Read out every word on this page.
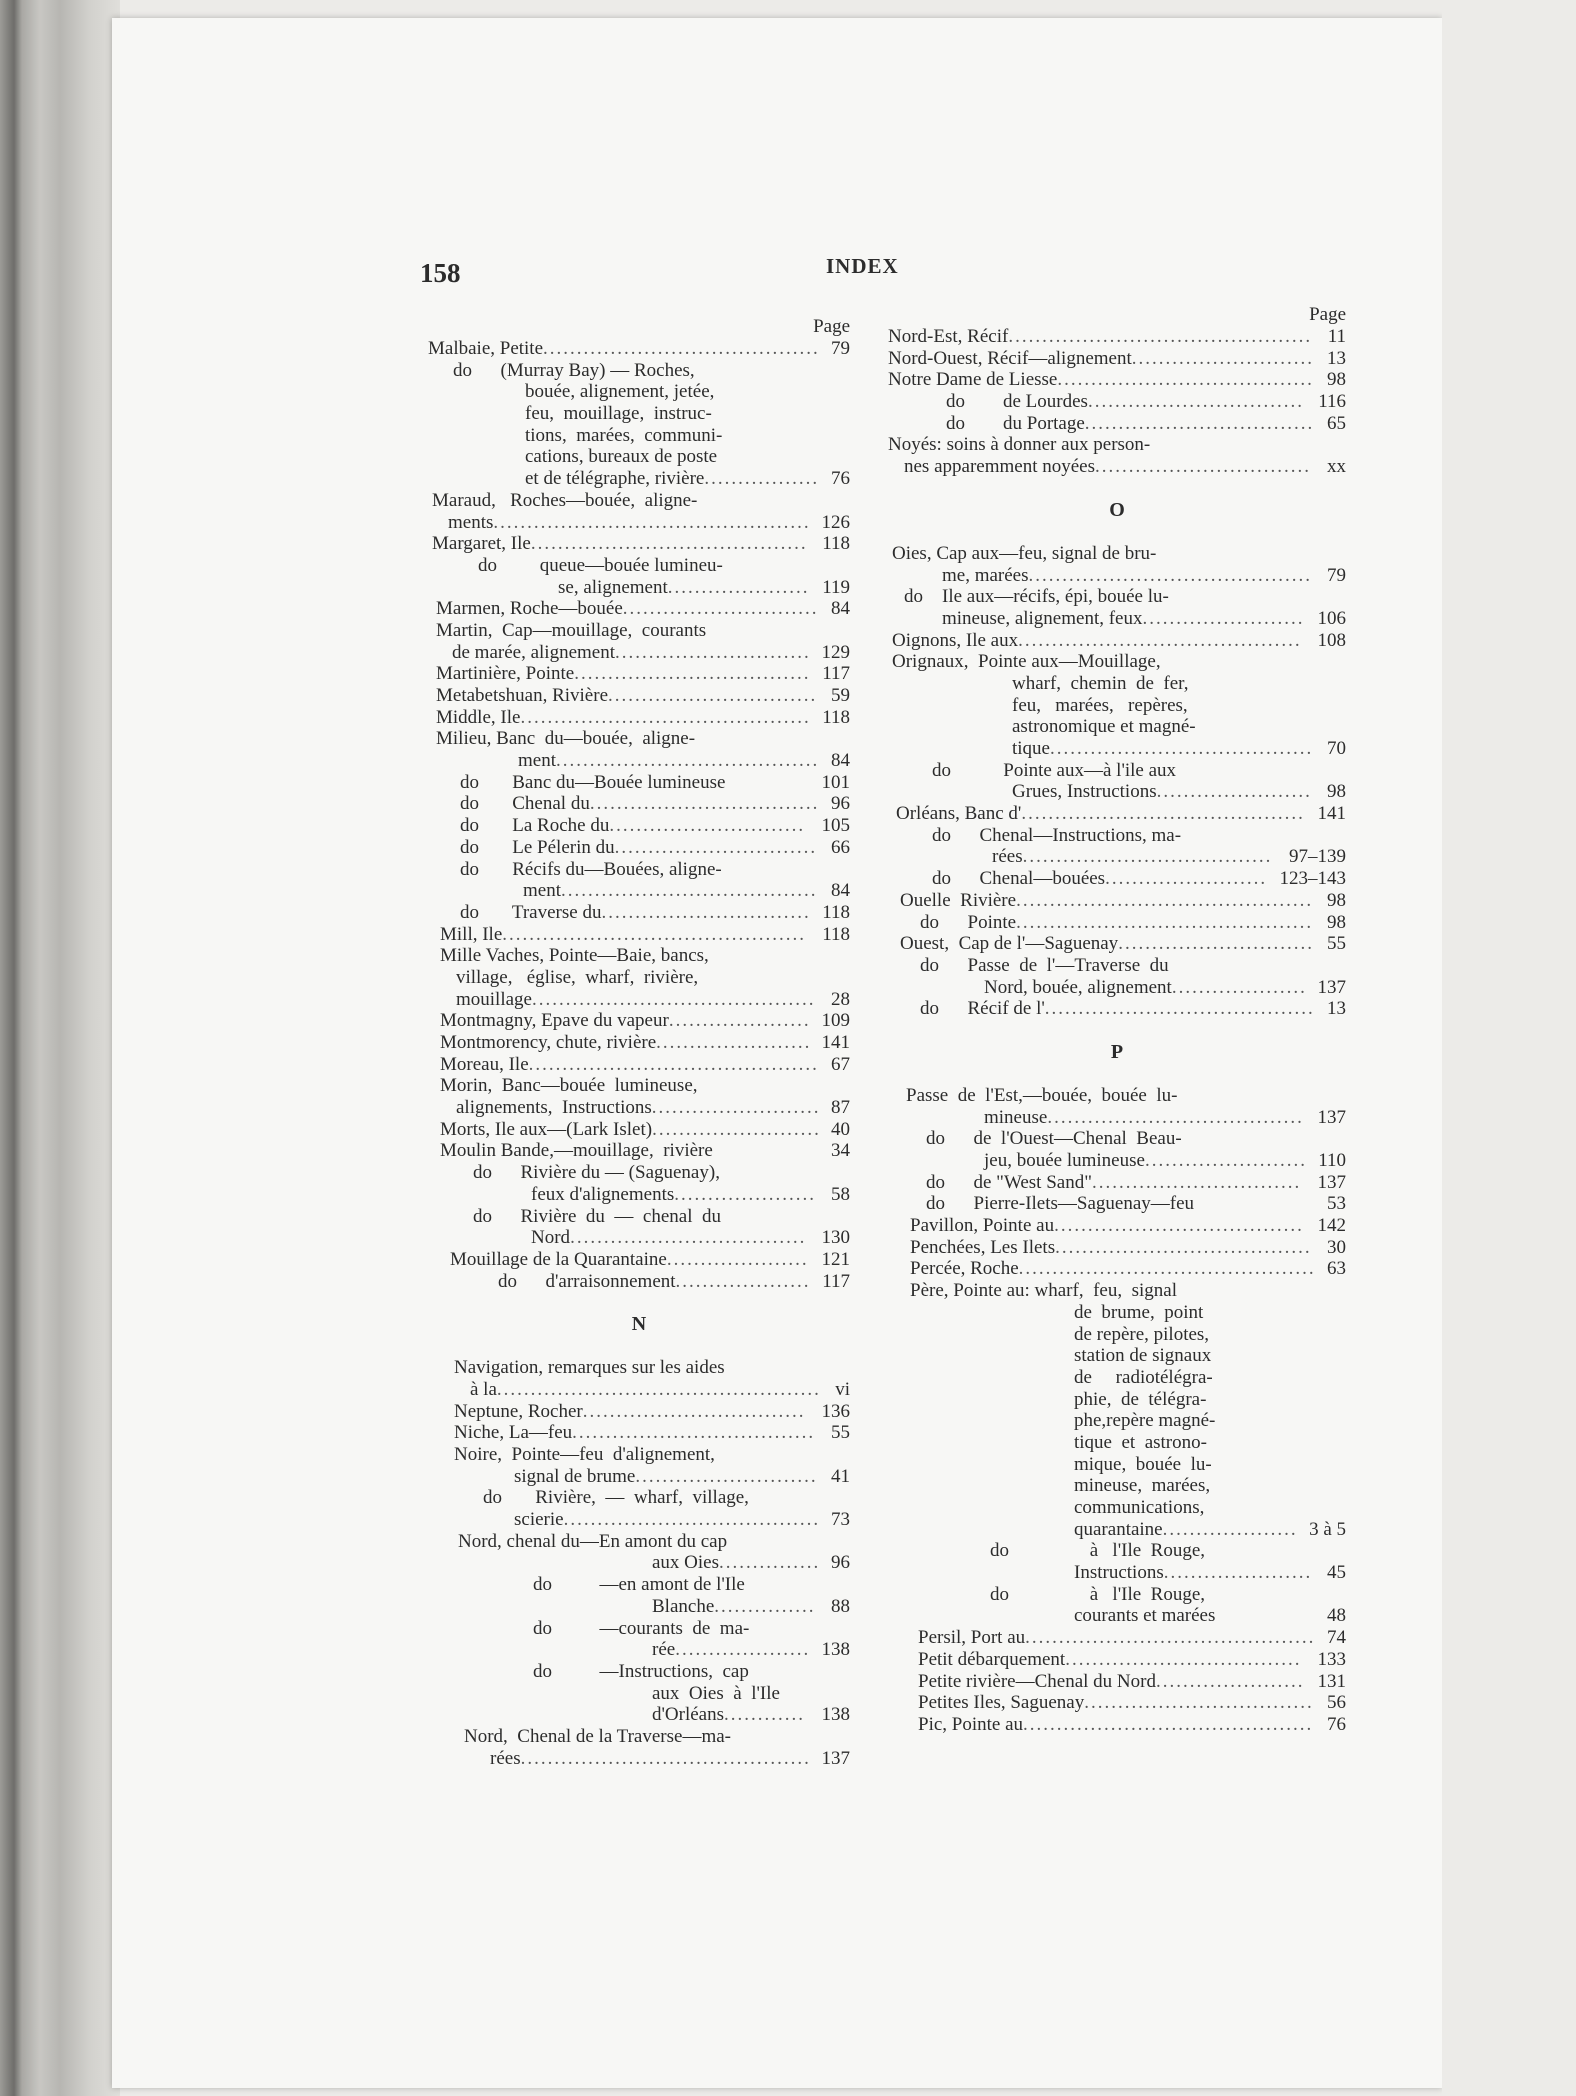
158	INDEX
Page
Malbaie, Petite......................................... 79
do      (Murray Bay) — Roches,
bouée, alignement, jetée,
feu,  mouillage,  instruc-
tions,  marées,  communi-
cations, bureaux de poste
et de télégraphe, rivière................. 76
Maraud,   Roches—bouée,  aligne-
ments............................................... 126
Margaret, Ile......................................... 118
do         queue—bouée lumineu-
se, alignement..................... 119
Marmen, Roche—bouée............................. 84
Martin,  Cap—mouillage,  courants
de marée, alignement............................. 129
Martinière, Pointe................................... 117
Metabetshuan, Rivière............................... 59
Middle, Ile........................................... 118
Milieu, Banc  du—bouée,  aligne-
ment....................................... 84
do       Banc du—Bouée lumineuse	101
do       Chenal du.................................. 96
do       La Roche du............................. 105
do       Le Pélerin du.............................. 66
do       Récifs du—Bouées, aligne-
ment...................................... 84
do       Traverse du............................... 118
Mill, Ile............................................. 118
Mille Vaches, Pointe—Baie, bancs,
village,   église,  wharf,  rivière,
mouillage.......................................... 28
Montmagny, Epave du vapeur..................... 109
Montmorency, chute, rivière....................... 141
Moreau, Ile........................................... 67
Morin,  Banc—bouée  lumineuse,
alignements,  Instructions......................... 87
Morts, Ile aux—(Lark Islet)......................... 40
Moulin Bande,—mouillage,  rivière	34
do      Rivière du — (Saguenay),
feux d'alignements..................... 58
do      Rivière  du  —  chenal  du
Nord................................... 130
Mouillage de la Quarantaine..................... 121
do      d'arraisonnement.................... 117
N
Navigation, remarques sur les aides
à la................................................ vi
Neptune, Rocher................................. 136
Niche, La—feu.................................... 55
Noire,  Pointe—feu  d'alignement,
signal de brume........................... 41
do       Rivière,  —  wharf,  village,
scierie...................................... 73
Nord, chenal du—En amont du cap
aux Oies............... 96
do          —en amont de l'Ile
Blanche............... 88
do          —courants  de  ma-
rée.................... 138
do          —Instructions,  cap
aux  Oies  à  l'Ile
d'Orléans............ 138
Nord,  Chenal de la Traverse—ma-
rées........................................... 137
Page
Nord-Est, Récif............................................. 11
Nord-Ouest, Récif—alignement........................... 13
Notre Dame de Liesse...................................... 98
do        de Lourdes................................ 116
do        du Portage.................................. 65
Noyés: soins à donner aux person-
nes apparemment noyées................................ xx
O
Oies, Cap aux—feu, signal de bru-
me, marées.......................................... 79
do    Ile aux—récifs, épi, bouée lu-
mineuse, alignement, feux........................ 106
Oignons, Ile aux.......................................... 108
Orignaux,  Pointe aux—Mouillage,
wharf,  chemin  de  fer,
feu,   marées,   repères,
astronomique et magné-
tique....................................... 70
do           Pointe aux—à l'ile aux
Grues, Instructions....................... 98
Orléans, Banc d'.......................................... 141
do      Chenal—Instructions, ma-
rées..................................... 97–139
do      Chenal—bouées........................ 123–143
Ouelle  Rivière............................................ 98
do      Pointe............................................ 98
Ouest,  Cap de l'—Saguenay............................. 55
do      Passe  de  l'—Traverse  du
Nord, bouée, alignement.................... 137
do      Récif de l'........................................ 13
P
Passe  de  l'Est,—bouée,  bouée  lu-
mineuse...................................... 137
do      de  l'Ouest—Chenal  Beau-
jeu, bouée lumineuse........................ 110
do      de "West Sand"............................... 137
do      Pierre-Ilets—Saguenay—feu	53
Pavillon, Pointe au..................................... 142
Penchées, Les Ilets...................................... 30
Percée, Roche............................................ 63
Père, Pointe au: wharf,  feu,  signal
de  brume,  point
de repère, pilotes,
station de signaux
de     radiotélégra-
phie,  de  télégra-
phe,repère magné-
tique  et  astrono-
mique,  bouée  lu-
mineuse,  marées,
communications,
quarantaine.................... 3 à 5
do                 à   l'Ile  Rouge,
Instructions...................... 45
do                 à   l'Ile  Rouge,
courants et marées	48
Persil, Port au........................................... 74
Petit débarquement................................... 133
Petite rivière—Chenal du Nord...................... 131
Petites Iles, Saguenay.................................. 56
Pic, Pointe au........................................... 76
